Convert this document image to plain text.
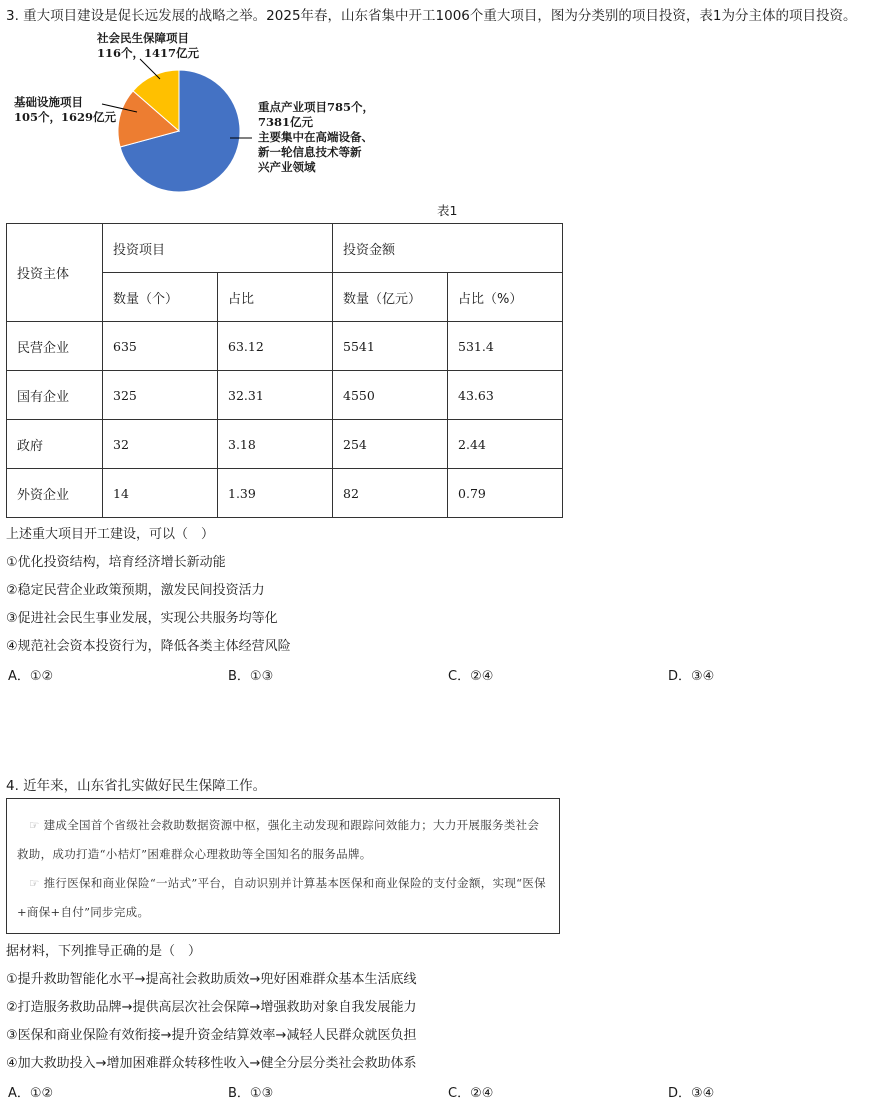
3. 重大项目建设是促长远发展的战略之举。2025年春，山东省集中开工1006个重大项目，图为分类别的项目投资，表1为分主体的项目投资。
社会民生保障项目
116个，1417亿元
基础设施项目
105个，1629亿元
重点产业项目785个，
7381亿元
主要集中在高端设备、
新一轮信息技术等新
兴产业领域
表1
投资主体	投资项目		投资金额	
	数量（个）	占比	数量（亿元）	占比（%）
民营企业	635	63.12	5541	531.4
国有企业	325	32.31	4550	43.63
政府	32	3.18	254	2.44
外资企业	14	1.39	82	0.79
上述重大项目开工建设，可以（　）
①优化投资结构，培育经济增长新动能
②稳定民营企业政策预期，激发民间投资活力
③促进社会民生事业发展，实现公共服务均等化
④规范社会资本投资行为，降低各类主体经营风险
A．①②	B．①③	C．②④	D．③④
4. 近年来，山东省扎实做好民生保障工作。
☞ 建成全国首个省级社会救助数据资源中枢，强化主动发现和跟踪问效能力；大力开展服务类社会救助，成功打造“小桔灯”困难群众心理救助等全国知名的服务品牌。
☞ 推行医保和商业保险“一站式”平台，自动识别并计算基本医保和商业保险的支付金额，实现“医保+商保+自付”同步完成。
据材料，下列推导正确的是（　）
①提升救助智能化水平→提高社会救助质效→兜好困难群众基本生活底线
②打造服务救助品牌→提供高层次社会保障→增强救助对象自我发展能力
③医保和商业保险有效衔接→提升资金结算效率→减轻人民群众就医负担
④加大救助投入→增加困难群众转移性收入→健全分层分类社会救助体系
A．①②	B．①③	C．②④	D．③④
